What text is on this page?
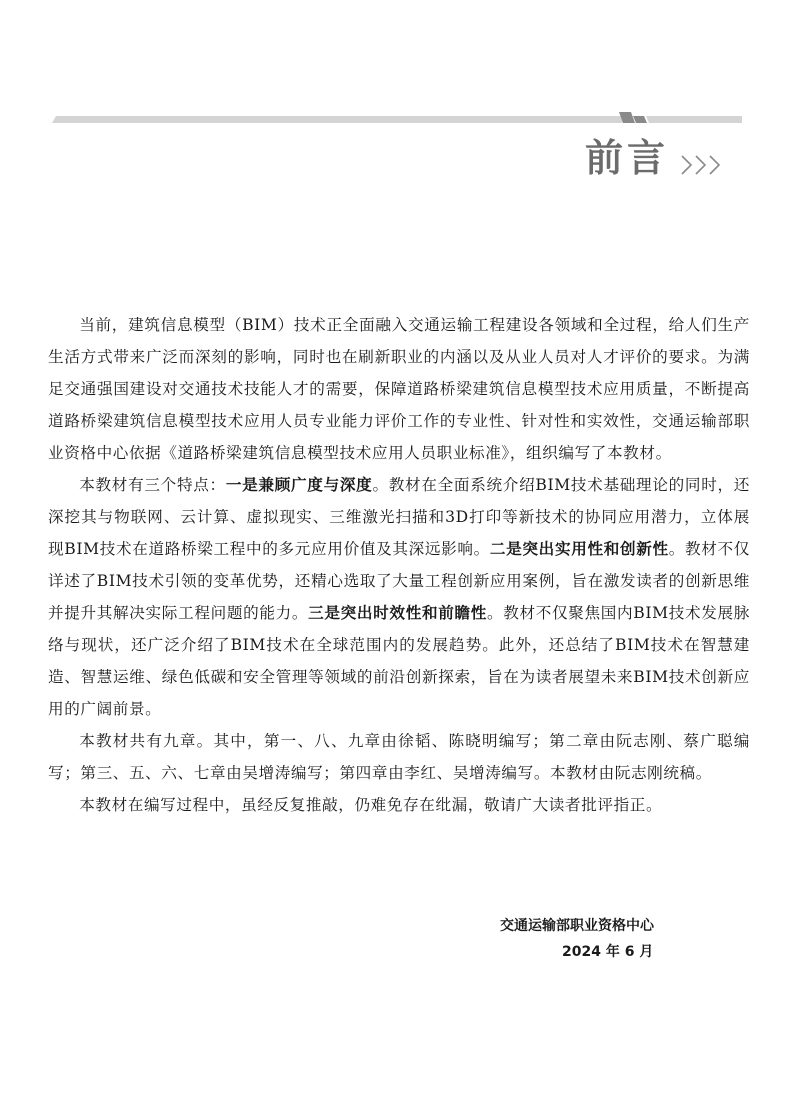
前言

当前，建筑信息模型（BIM）技术正全面融入交通运输工程建设各领域和全过程，给人们生产生活方式带来广泛而深刻的影响，同时也在刷新职业的内涵以及从业人员对人才评价的要求。为满足交通强国建设对交通技术技能人才的需要，保障道路桥梁建筑信息模型技术应用质量，不断提高道路桥梁建筑信息模型技术应用人员专业能力评价工作的专业性、针对性和实效性，交通运输部职业资格中心依据《道路桥梁建筑信息模型技术应用人员职业标准》，组织编写了本教材。

本教材有三个特点：一是兼顾广度与深度。教材在全面系统介绍BIM技术基础理论的同时，还深挖其与物联网、云计算、虚拟现实、三维激光扫描和3D打印等新技术的协同应用潜力，立体展现BIM技术在道路桥梁工程中的多元应用价值及其深远影响。二是突出实用性和创新性。教材不仅详述了BIM技术引领的变革优势，还精心选取了大量工程创新应用案例，旨在激发读者的创新思维并提升其解决实际工程问题的能力。三是突出时效性和前瞻性。教材不仅聚焦国内BIM技术发展脉络与现状，还广泛介绍了BIM技术在全球范围内的发展趋势。此外，还总结了BIM技术在智慧建造、智慧运维、绿色低碳和安全管理等领域的前沿创新探索，旨在为读者展望未来BIM技术创新应用的广阔前景。

本教材共有九章。其中，第一、八、九章由徐韬、陈晓明编写；第二章由阮志刚、蔡广聪编写；第三、五、六、七章由吴增涛编写；第四章由李红、吴增涛编写。本教材由阮志刚统稿。

本教材在编写过程中，虽经反复推敲，仍难免存在纰漏，敬请广大读者批评指正。

交通运输部职业资格中心
2024 年 6 月
